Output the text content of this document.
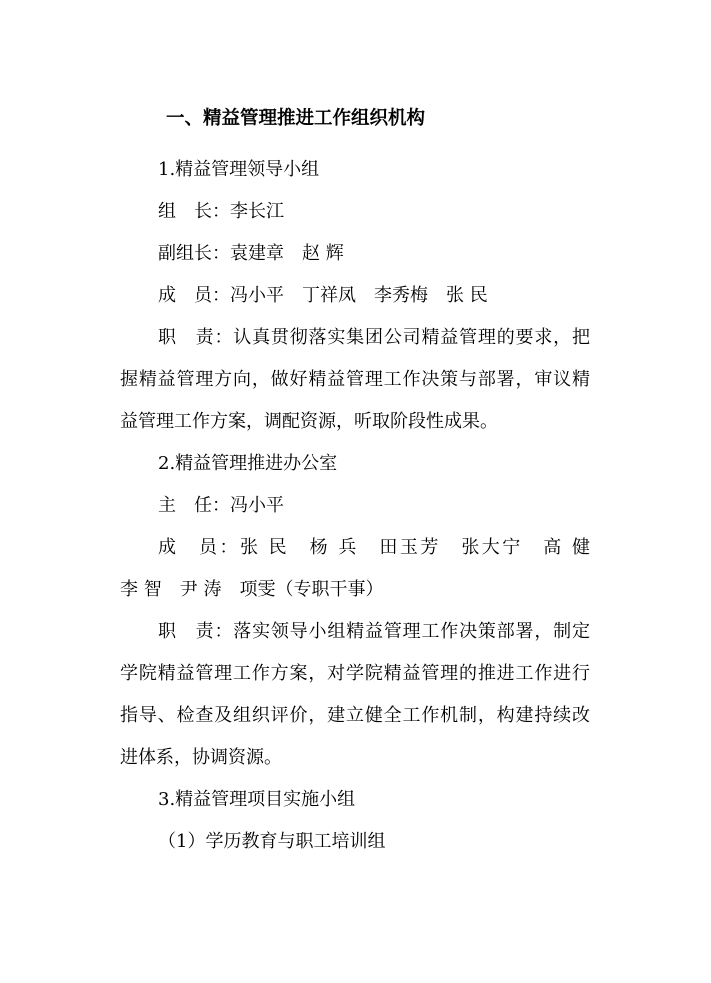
一、精益管理推进工作组织机构
1.精益管理领导小组
组　长：李长江
副组长：袁建章　赵 辉
成　员：冯小平　丁祥凤　李秀梅　张 民
职　责：认真贯彻落实集团公司精益管理的要求，把
握精益管理方向，做好精益管理工作决策与部署，审议精
益管理工作方案，调配资源，听取阶段性成果。
2.精益管理推进办公室
主　任：冯小平
成　员：张 民　杨 兵　田玉芳　张大宁　高 健
李 智　尹 涛　项雯（专职干事）
职　责：落实领导小组精益管理工作决策部署，制定
学院精益管理工作方案，对学院精益管理的推进工作进行
指导、检查及组织评价，建立健全工作机制，构建持续改
进体系，协调资源。
3.精益管理项目实施小组
（1）学历教育与职工培训组
